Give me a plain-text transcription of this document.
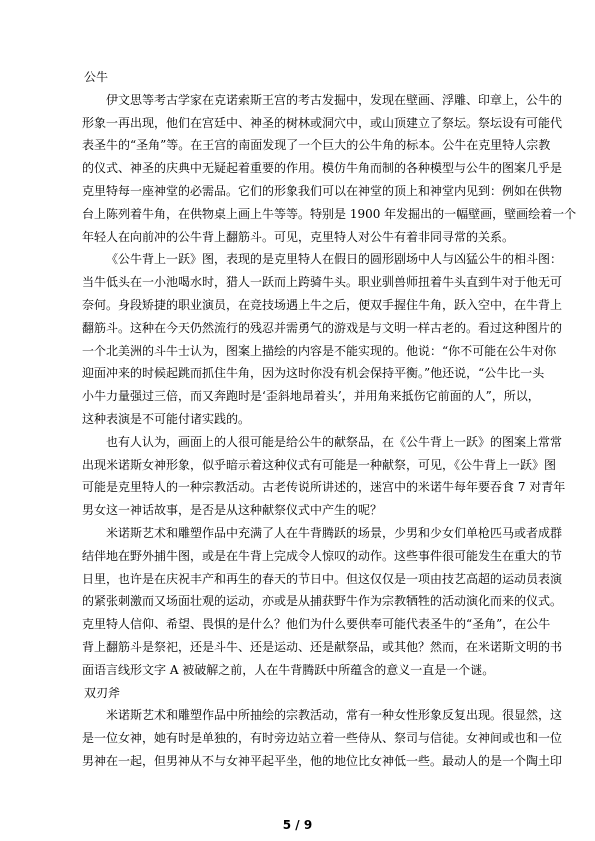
公牛
伊文思等考古学家在克诺索斯王宫的考古发掘中，发现在壁画、浮雕、印章上，公牛的
形象一再出现，他们在宫廷中、神圣的树林或洞穴中，或山顶建立了祭坛。祭坛设有可能代
表圣牛的“圣角”等。在王宫的南面发现了一个巨大的公牛角的标本。公牛在克里特人宗教
的仪式、神圣的庆典中无疑起着重要的作用。模仿牛角而制的各种模型与公牛的图案几乎是
克里特每一座神堂的必需品。它们的形象我们可以在神堂的顶上和神堂内见到：例如在供物
台上陈列着牛角，在供物桌上画上牛等等。特别是 1900 年发掘出的一幅壁画，壁画绘着一个
年轻人在向前冲的公牛背上翻筋斗。可见，克里特人对公牛有着非同寻常的关系。
《公牛背上一跃》图，表现的是克里特人在假日的圆形剧场中人与凶猛公牛的相斗图：
当牛低头在一小池喝水时，猎人一跃而上跨骑牛头。职业驯兽师扭着牛头直到牛对于他无可
奈何。身段矫捷的职业演员，在竞技场遇上牛之后，便双手握住牛角，跃入空中，在牛背上
翻筋斗。这种在今天仍然流行的残忍并需勇气的游戏是与文明一样古老的。看过这种图片的
一个北美洲的斗牛士认为，图案上描绘的内容是不能实现的。他说：“你不可能在公牛对你
迎面冲来的时候起跳而抓住牛角，因为这时你没有机会保持平衡。”他还说，“公牛比一头
小牛力量强过三倍，而又奔跑时是‘歪斜地昂着头’，并用角来抵伤它前面的人”，所以，
这种表演是不可能付诸实践的。
也有人认为，画面上的人很可能是给公牛的献祭品，在《公牛背上一跃》的图案上常常
出现米诺斯女神形象，似乎暗示着这种仪式有可能是一种献祭，可见，《公牛背上一跃》图
可能是克里特人的一种宗教活动。古老传说所讲述的，迷宫中的米诺牛每年要吞食 7 对青年
男女这一神话故事，是否是从这种献祭仪式中产生的呢？
米诺斯艺术和雕塑作品中充满了人在牛背腾跃的场景，少男和少女们单枪匹马或者成群
结伴地在野外捕牛图，或是在牛背上完成令人惊叹的动作。这些事件很可能发生在重大的节
日里，也许是在庆祝丰产和再生的春天的节日中。但这仅仅是一项由技艺高超的运动员表演
的紧张刺激而又场面壮观的运动，亦或是从捕获野牛作为宗教牺牲的活动演化而来的仪式。
克里特人信仰、希望、畏惧的是什么？他们为什么要供奉可能代表圣牛的“圣角”，在公牛
背上翻筋斗是祭祀，还是斗牛、还是运动、还是献祭品，或其他？然而，在米诺斯文明的书
面语言线形文字 A 被破解之前，人在牛背腾跃中所蕴含的意义一直是一个谜。
双刃斧
米诺斯艺术和雕塑作品中所抽绘的宗教活动，常有一种女性形象反复出现。很显然，这
是一位女神，她有时是单独的，有时旁边站立着一些侍从、祭司与信徒。女神间或也和一位
男神在一起，但男神从不与女神平起平坐，他的地位比女神低一些。最动人的是一个陶土印
5 / 9
